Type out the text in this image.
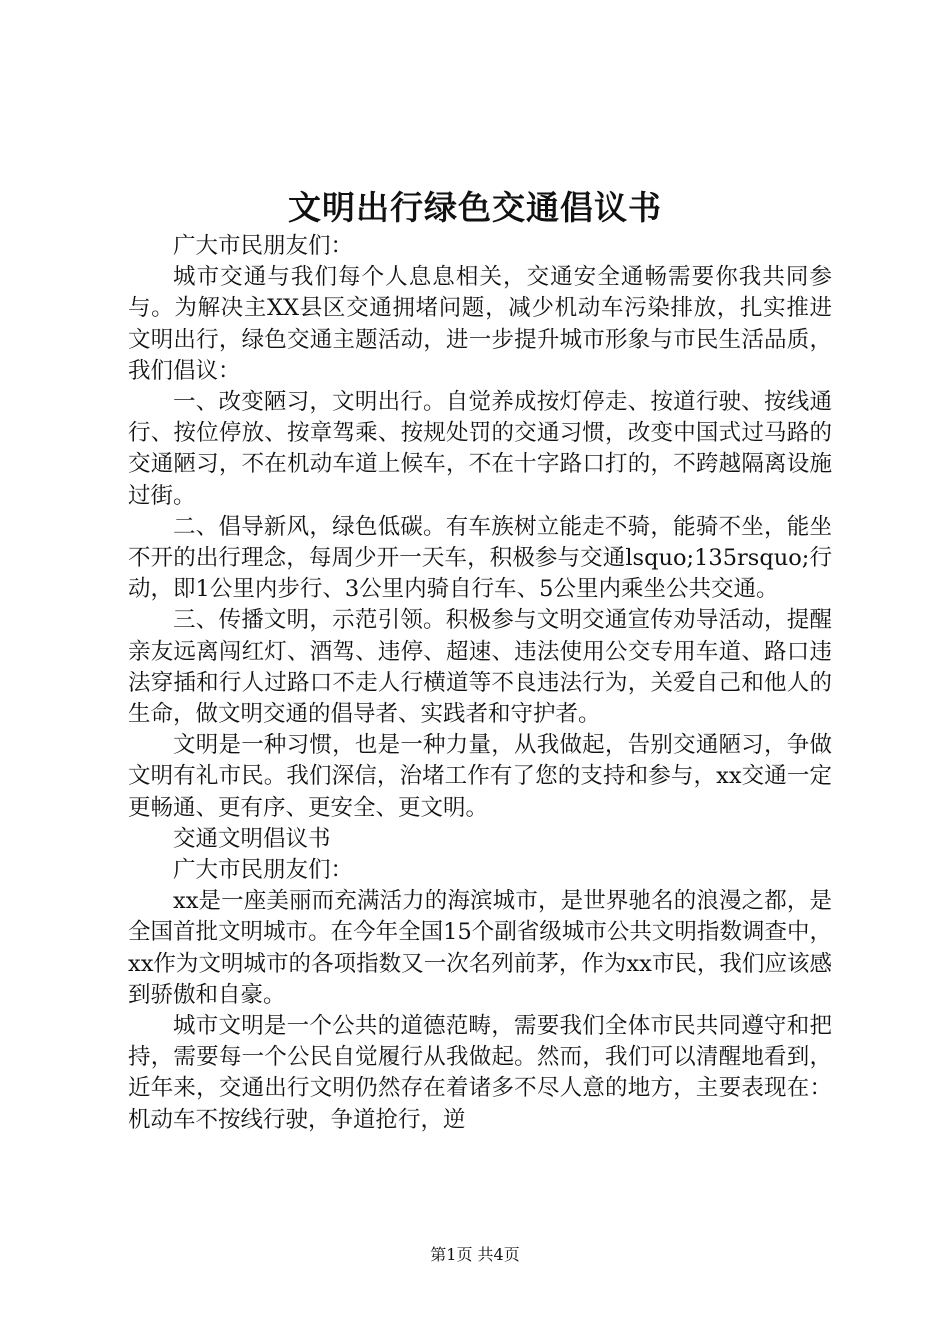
文明出行绿色交通倡议书

广大市民朋友们：

城市交通与我们每个人息息相关，交通安全通畅需要你我共同参与。为解决主XX县区交通拥堵问题，减少机动车污染排放，扎实推进文明出行，绿色交通主题活动，进一步提升城市形象与市民生活品质，我们倡议：

一、改变陋习，文明出行。自觉养成按灯停走、按道行驶、按线通行、按位停放、按章驾乘、按规处罚的交通习惯，改变中国式过马路的交通陋习，不在机动车道上候车，不在十字路口打的，不跨越隔离设施过街。

二、倡导新风，绿色低碳。有车族树立能走不骑，能骑不坐，能坐不开的出行理念，每周少开一天车，积极参与交通lsquo;135rsquo;行动，即1公里内步行、3公里内骑自行车、5公里内乘坐公共交通。

三、传播文明，示范引领。积极参与文明交通宣传劝导活动，提醒亲友远离闯红灯、酒驾、违停、超速、违法使用公交专用车道、路口违法穿插和行人过路口不走人行横道等不良违法行为，关爱自己和他人的生命，做文明交通的倡导者、实践者和守护者。

文明是一种习惯，也是一种力量，从我做起，告别交通陋习，争做文明有礼市民。我们深信，治堵工作有了您的支持和参与，xx交通一定更畅通、更有序、更安全、更文明。

交通文明倡议书

广大市民朋友们：

xx是一座美丽而充满活力的海滨城市，是世界驰名的浪漫之都，是全国首批文明城市。在今年全国15个副省级城市公共文明指数调查中，xx作为文明城市的各项指数又一次名列前茅，作为xx市民，我们应该感到骄傲和自豪。

城市文明是一个公共的道德范畴，需要我们全体市民共同遵守和把持，需要每一个公民自觉履行从我做起。然而，我们可以清醒地看到，近年来，交通出行文明仍然存在着诸多不尽人意的地方，主要表现在：机动车不按线行驶，争道抢行，逆

第1页 共4页
